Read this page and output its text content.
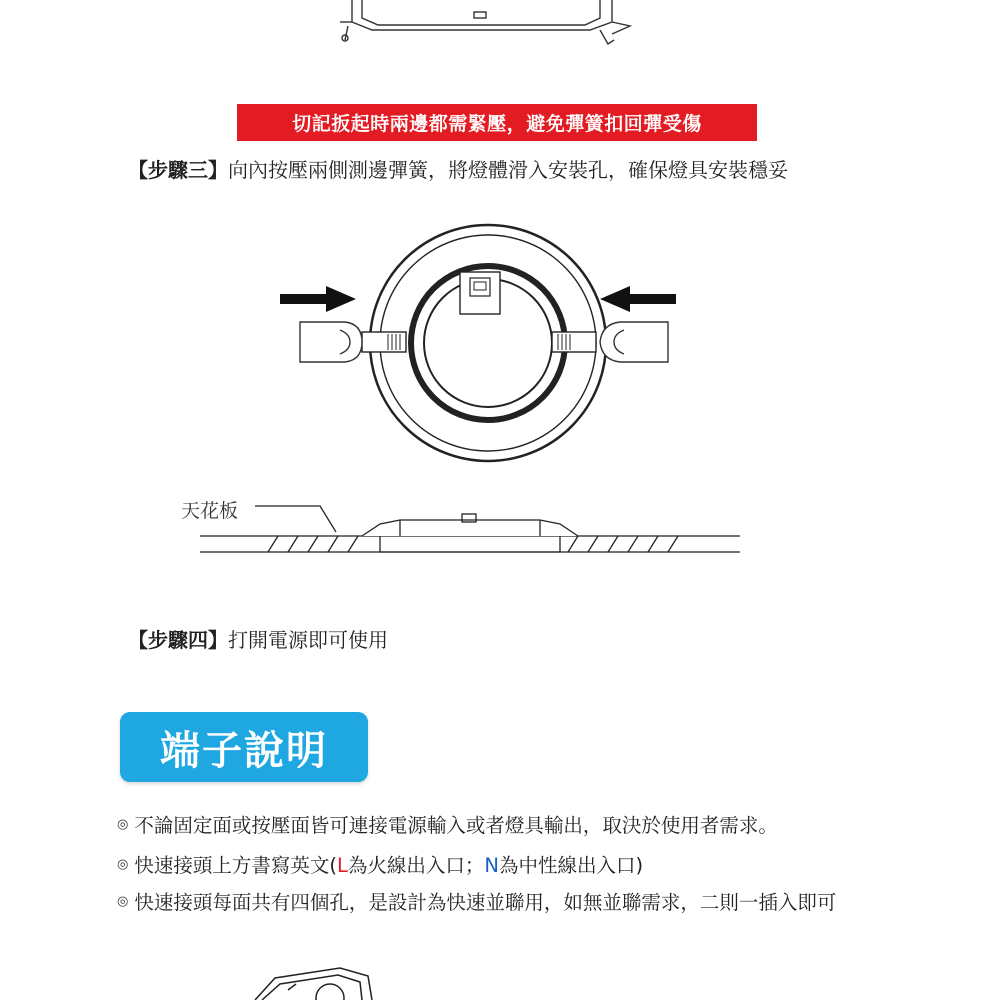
切記扳起時兩邊都需緊壓，避免彈簧扣回彈受傷
【步驟三】向內按壓兩側測邊彈簧，將燈體滑入安裝孔，確保燈具安裝穩妥
天花板
【步驟四】打開電源即可使用
端子說明
◎ 不論固定面或按壓面皆可連接電源輸入或者燈具輸出，取決於使用者需求。
◎ 快速接頭上方書寫英文(L為火線出入口；N為中性線出入口)
◎ 快速接頭每面共有四個孔，是設計為快速並聯用，如無並聯需求，二則一插入即可
